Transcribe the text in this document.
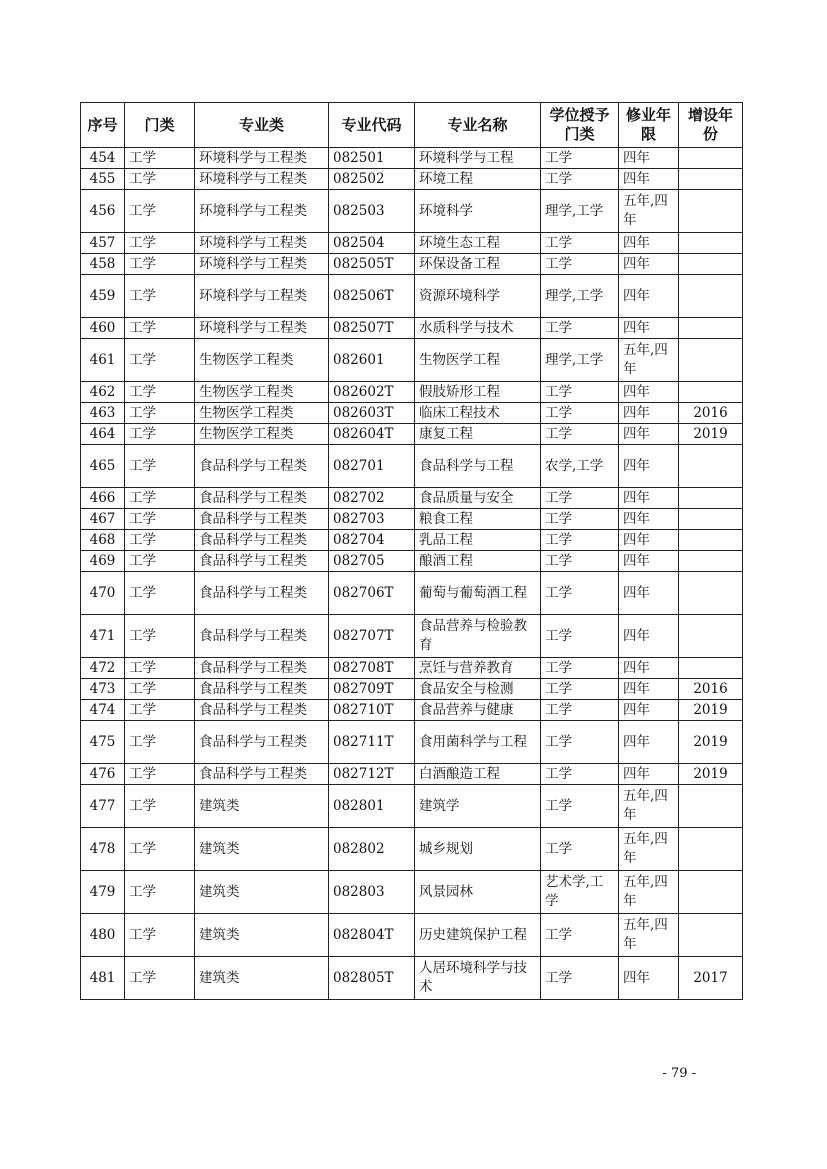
序号	门类	专业类	专业代码	专业名称	学位授予门类	修业年限	增设年份
454	工学	环境科学与工程类	082501	环境科学与工程	工学	四年	
455	工学	环境科学与工程类	082502	环境工程	工学	四年	
456	工学	环境科学与工程类	082503	环境科学	理学,工学	五年,四年	
457	工学	环境科学与工程类	082504	环境生态工程	工学	四年	
458	工学	环境科学与工程类	082505T	环保设备工程	工学	四年	
459	工学	环境科学与工程类	082506T	资源环境科学	理学,工学	四年	
460	工学	环境科学与工程类	082507T	水质科学与技术	工学	四年	
461	工学	生物医学工程类	082601	生物医学工程	理学,工学	五年,四年	
462	工学	生物医学工程类	082602T	假肢矫形工程	工学	四年	
463	工学	生物医学工程类	082603T	临床工程技术	工学	四年	2016
464	工学	生物医学工程类	082604T	康复工程	工学	四年	2019
465	工学	食品科学与工程类	082701	食品科学与工程	农学,工学	四年	
466	工学	食品科学与工程类	082702	食品质量与安全	工学	四年	
467	工学	食品科学与工程类	082703	粮食工程	工学	四年	
468	工学	食品科学与工程类	082704	乳品工程	工学	四年	
469	工学	食品科学与工程类	082705	酿酒工程	工学	四年	
470	工学	食品科学与工程类	082706T	葡萄与葡萄酒工程	工学	四年	
471	工学	食品科学与工程类	082707T	食品营养与检验教育	工学	四年	
472	工学	食品科学与工程类	082708T	烹饪与营养教育	工学	四年	
473	工学	食品科学与工程类	082709T	食品安全与检测	工学	四年	2016
474	工学	食品科学与工程类	082710T	食品营养与健康	工学	四年	2019
475	工学	食品科学与工程类	082711T	食用菌科学与工程	工学	四年	2019
476	工学	食品科学与工程类	082712T	白酒酿造工程	工学	四年	2019
477	工学	建筑类	082801	建筑学	工学	五年,四年	
478	工学	建筑类	082802	城乡规划	工学	五年,四年	
479	工学	建筑类	082803	风景园林	艺术学,工学	五年,四年	
480	工学	建筑类	082804T	历史建筑保护工程	工学	五年,四年	
481	工学	建筑类	082805T	人居环境科学与技术	工学	四年	2017
- 79 -
